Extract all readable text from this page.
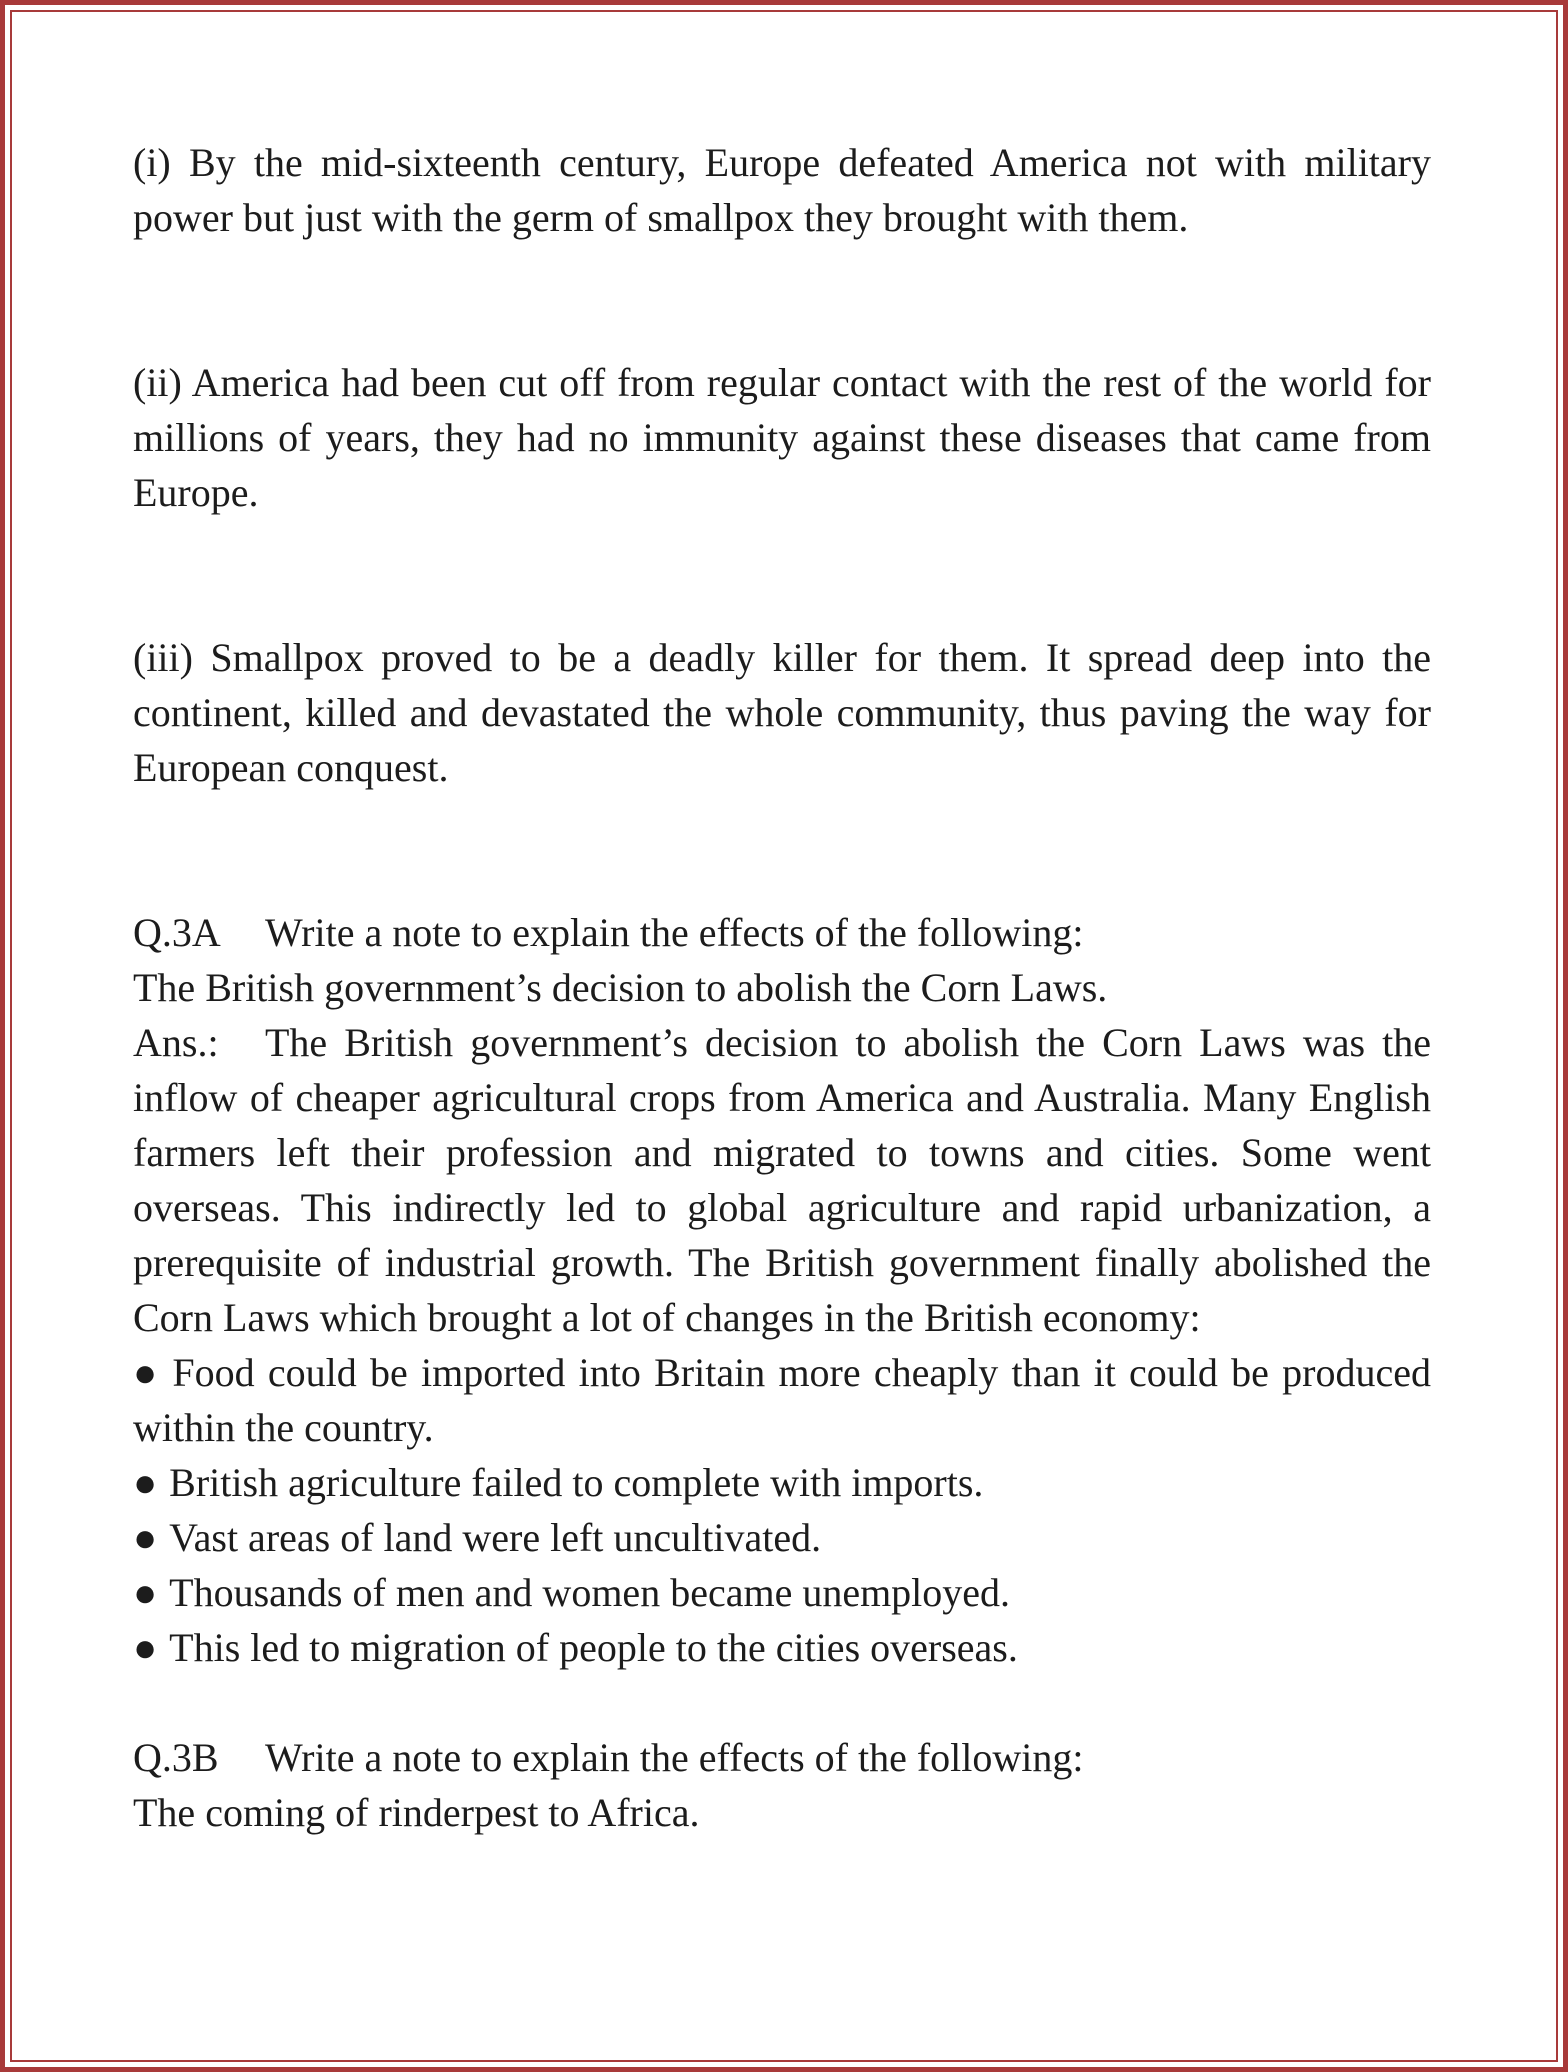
(i) By the mid-sixteenth century, Europe defeated America not with military power but just with the germ of smallpox they brought with them.

(ii) America had been cut off from regular contact with the rest of the world for millions of years, they had no immunity against these diseases that came from Europe.

(iii) Smallpox proved to be a deadly killer for them. It spread deep into the continent, killed and devastated the whole community, thus paving the way for European conquest.

Q.3A Write a note to explain the effects of the following:

The British government’s decision to abolish the Corn Laws.

Ans.: The British government’s decision to abolish the Corn Laws was the inflow of cheaper agricultural crops from America and Australia. Many English farmers left their profession and migrated to towns and cities. Some went overseas. This indirectly led to global agriculture and rapid urbanization, a prerequisite of industrial growth. The British government finally abolished the Corn Laws which brought a lot of changes in the British economy:

● Food could be imported into Britain more cheaply than it could be produced within the country.

● British agriculture failed to complete with imports.

● Vast areas of land were left uncultivated.

● Thousands of men and women became unemployed.

● This led to migration of people to the cities overseas.

Q.3B Write a note to explain the effects of the following:

The coming of rinderpest to Africa.
